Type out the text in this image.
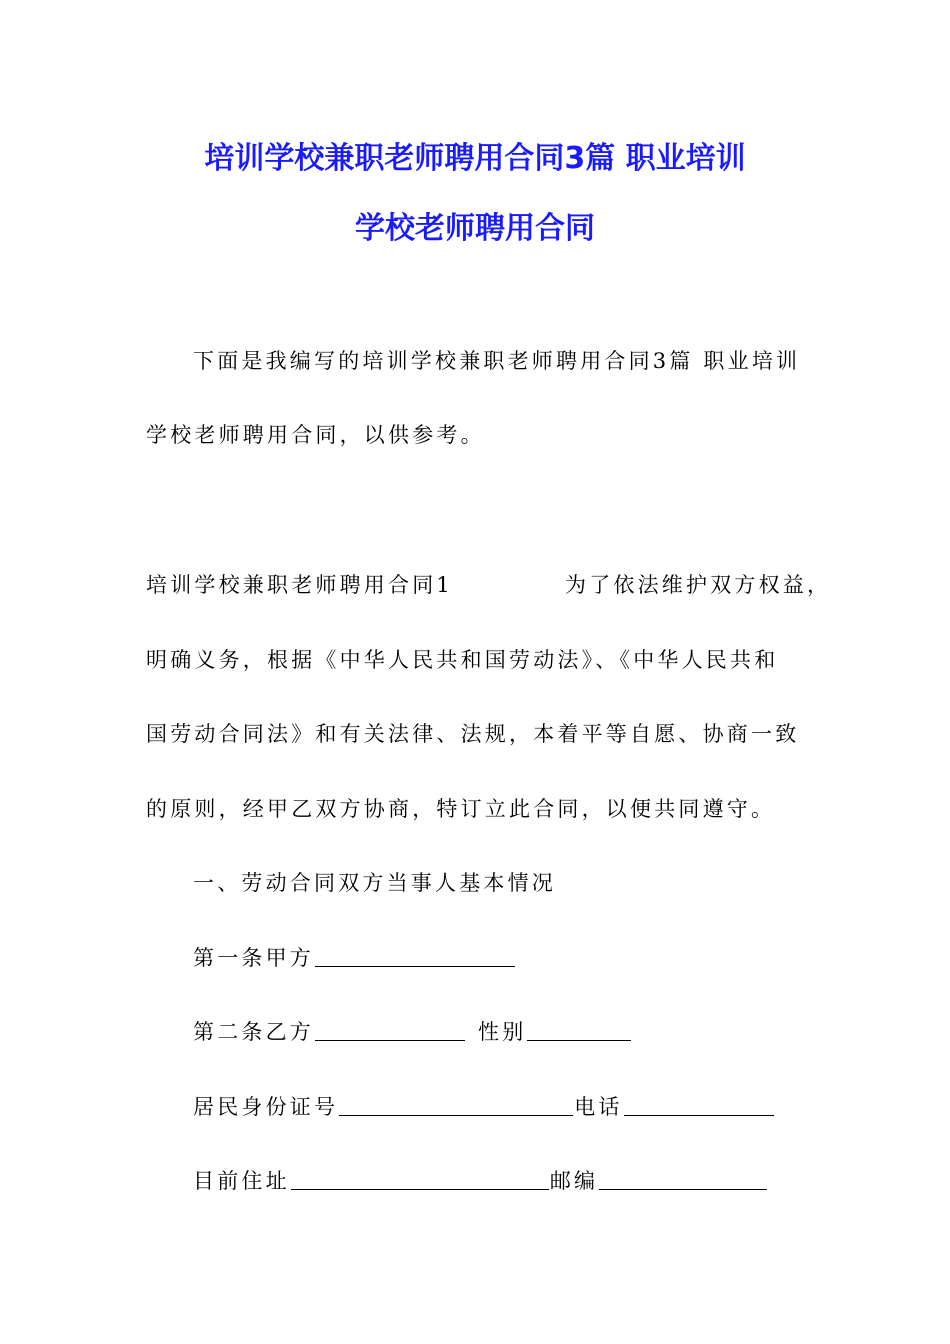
培训学校兼职老师聘用合同3篇 职业培训
学校老师聘用合同
下面是我编写的培训学校兼职老师聘用合同3篇 职业培训
学校老师聘用合同，以供参考。
培训学校兼职老师聘用合同1	为了依法维护双方权益，
明确义务，根据《中华人民共和国劳动法》、《中华人民共和
国劳动合同法》和有关法律、法规，本着平等自愿、协商一致
的原则，经甲乙双方协商，特订立此合同，以便共同遵守。
一、劳动合同双方当事人基本情况
第一条甲方
第二条乙方	性别
居民身份证号	电话
目前住址	邮编
